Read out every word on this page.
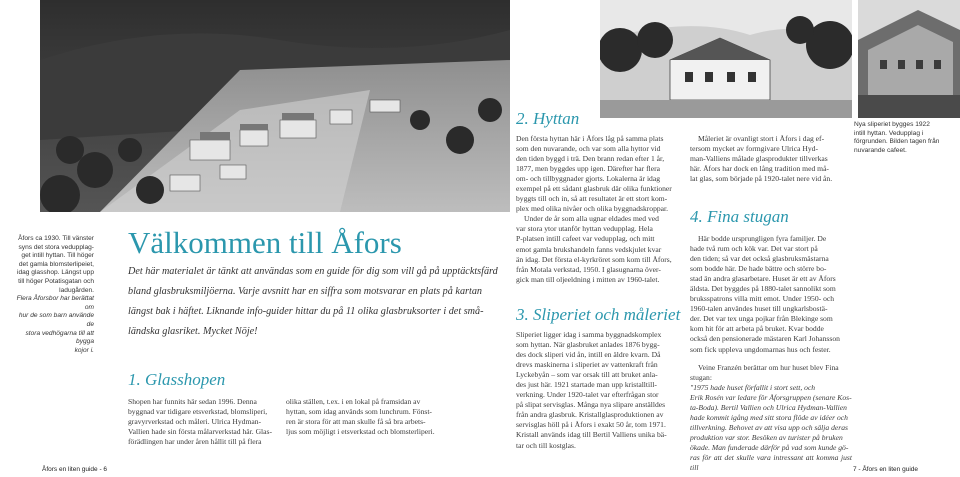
Åfors ca 1930. Till vänster

syns det stora vedupplag-

get intill hyttan. Till höger

det gamla blomsterlipeiet,

idag glasshop. Längst upp

till höger Potatisgatan och

ladugården.

Flera Åforsbor har berättat om

hur de som barn använde de

stora vedhögarna till att bygga

kojor i.

Välkommen till Åfors
Det här materialet är tänkt att användas som en guide för dig som vill gå på upptäcktsfärd
bland glasbruksmiljöerna. Varje avsnitt har en siffra som motsvarar en plats på kartan
längst bak i häftet. Liknande info-guider hittar du på 11 olika glasbruksorter i det små-
ländska glasriket. Mycket Nöje!
1. Glasshopen

Shopen har funnits här sedan 1996. Denna

byggnad var tidigare etsverkstad, blomsliperi,

gravyrverkstad och måleri. Ulrica Hydman-

Vallien hade sin första målarverkstad här. Glas-

förädlingen har under åren hållit till på flera

olika ställen, t.ex. i en lokal på framsidan av

hyttan, som idag används som lunchrum. Fönst-

ren är stora för att man skulle få så bra arbets-

ljus som möjligt i etsverkstad och blomsterliperi.

Åfors en liten guide - 6

Nya sliperiet bygges 1922

intill hyttan. Vedupplag i

förgrunden. Bilden tagen från

nuvarande cafeet.

2. Hyttan

Den första hyttan här i Åfors låg på samma plats

som den nuvarande, och var som alla hyttor vid

den tiden byggd i trä. Den brann redan efter 1 år,

1877, men byggdes upp igen. Därefter har flera

om- och tillbyggnader gjorts. Lokalerna är idag

exempel på ett sådant glasbruk där olika funktioner

byggts till och in, så att resultatet är ett stort kom-

plex med olika nivåer och olika byggnadskroppar.

Under de år som alla ugnar eldades med ved

var stora ytor utanför hyttan vedupplag. Hela

P-platsen intill cafeet var vedupplag, och mitt

emot gamla brukshandeln fanns vedskjulet kvar

än idag. Det första el-kyrkröret som kom till Åfors,

från Motala verkstad, 1950. I glasugnarna över-

gick man till oljeeldning i mitten av 1960-talet.

3. Sliperiet och måleriet

Sliperiet ligger idag i samma byggnadskomplex

som hyttan. När glasbruket anlades 1876 bygg-

des dock sliperi vid ån, intill en äldre kvarn. Då

drevs maskinerna i sliperiet av vattenkraft från

Lyckebyån – som var orsak till att bruket anla-

des just här. 1921 startade man upp kristalltill-

verkning. Under 1920-talet var efterfrågan stor

på slipat servisglas. Många nya slipare anställdes

från andra glasbruk. Kristallglasproduktionen av

servisglas höll på i Åfors i exakt 50 år, tom 1971.

Kristall används idag till Bertil Valliens unika bä-

tar och till kostglas.

Måleriet är ovanligt stort i Åfors i dag ef-

tersom mycket av formgivare Ulrica Hyd-

man-Valliens målade glasprodukter tillverkas

här. Åfors har dock en lång tradition med må-

lat glas, som började på 1920-talet nere vid ån.

4. Fina stugan

Här bodde ursprungligen fyra familjer. De

hade två rum och kök var. Det var stort på

den tiden; så var det också glasbruksmästarna

som bodde här. De hade bättre och större bo-

stad än andra glasarbetare. Huset är ett av Åfors

äldsta. Det byggdes på 1880-talet sannolikt som

bruksspatrons villa mitt emot. Under 1950- och

1960-talen användes huset till ungkarlsbostä-

der. Det var tex unga pojkar från Blekinge som

kom hit för att arbeta på bruket. Kvar bodde

också den pensionerade mästaren Karl Johansson

som fick uppleva ungdomarnas hus och fester.

Veine Franzén berättar om hur huset blev Fina

stugan:

"1975 hade huset förfallit i stort sett, och

Erik Rosén var ledare för Åforsgruppen (senare Kos-

ta-Boda). Bertil Vallien och Ulrica Hydman-Vallien

hade kommit igång med sitt stora flöde av idéer och

tillverkning. Behovet av att visa upp och sälja deras

produktion var stor. Besöken av turister på bruken

ökade. Man funderade därför på vad som kunde gö-

ras för att det skulle vara intressant att komma just till	7 - Åfors en liten guide
